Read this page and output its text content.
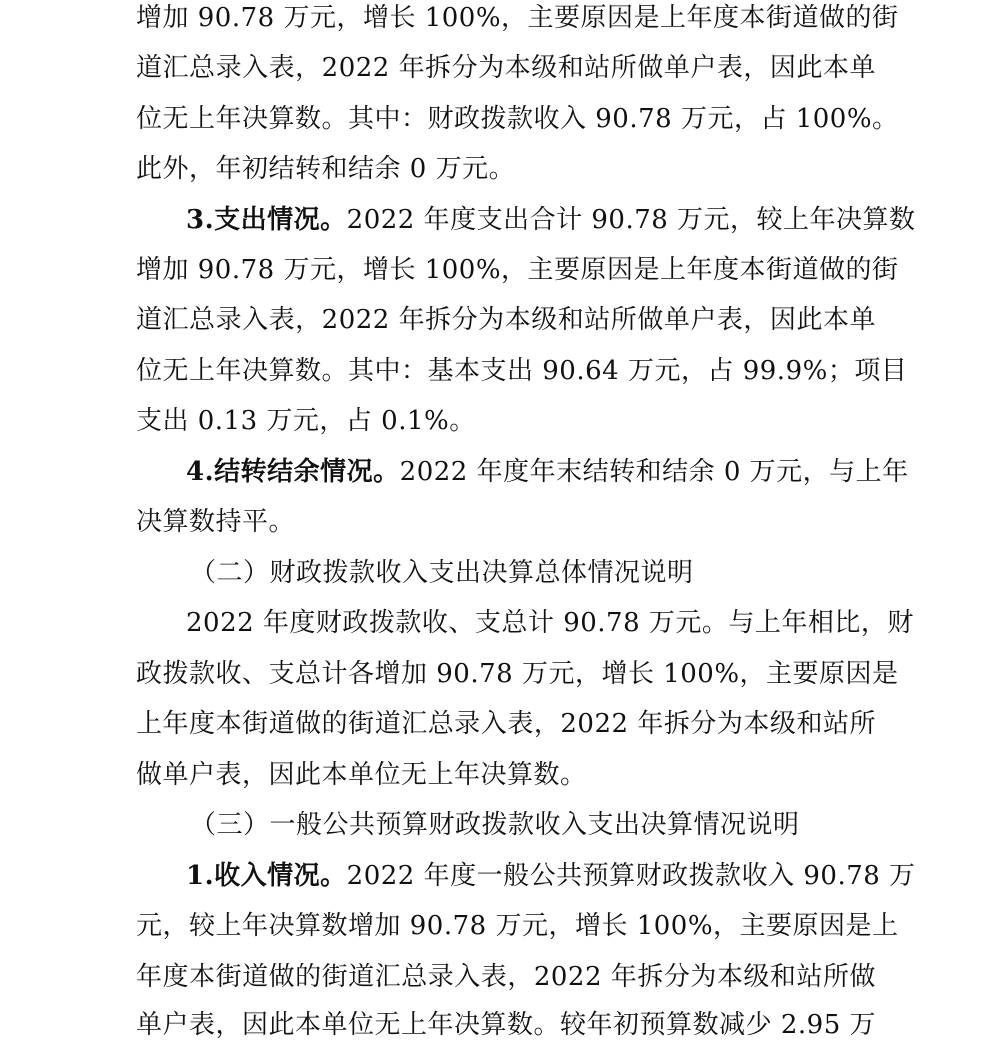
增加 90.78 万元，增长 100%，主要原因是上年度本街道做的街
道汇总录入表，2022 年拆分为本级和站所做单户表，因此本单
位无上年决算数。其中：财政拨款收入 90.78 万元，占 100%。
此外，年初结转和结余 0 万元。
3.支出情况。2022 年度支出合计 90.78 万元，较上年决算数
增加 90.78 万元，增长 100%，主要原因是上年度本街道做的街
道汇总录入表，2022 年拆分为本级和站所做单户表，因此本单
位无上年决算数。其中：基本支出 90.64 万元，占 99.9%；项目
支出 0.13 万元，占 0.1%。
4.结转结余情况。2022 年度年末结转和结余 0 万元，与上年
决算数持平。
（二）财政拨款收入支出决算总体情况说明
2022 年度财政拨款收、支总计 90.78 万元。与上年相比，财
政拨款收、支总计各增加 90.78 万元，增长 100%，主要原因是
上年度本街道做的街道汇总录入表，2022 年拆分为本级和站所
做单户表，因此本单位无上年决算数。
（三）一般公共预算财政拨款收入支出决算情况说明
1.收入情况。2022 年度一般公共预算财政拨款收入 90.78 万
元，较上年决算数增加 90.78 万元，增长 100%，主要原因是上
年度本街道做的街道汇总录入表，2022 年拆分为本级和站所做
单户表，因此本单位无上年决算数。较年初预算数减少 2.95 万
